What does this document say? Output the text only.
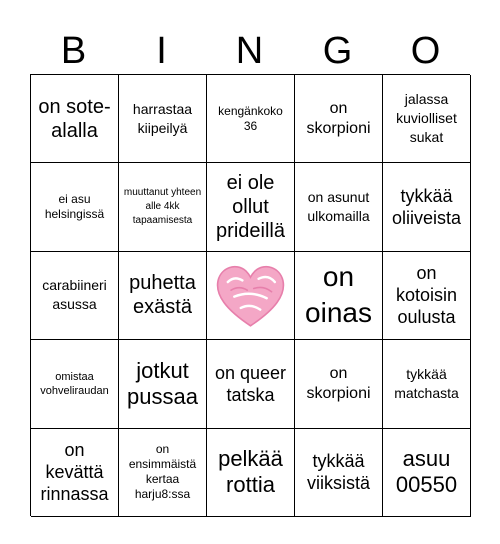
B	I	N	G	O
on sote-alalla
harrastaa kiipeilyä
kengänkoko 36
on skorpioni
jalassa kuviolliset sukat
ei asu helsingissä
muuttanut yhteen alle 4kk tapaamisesta
ei ole ollut prideillä
on asunut ulkomailla
tykkää oliiveista
carabiineri asussa
puhetta exästä
on oinas
on kotoisin oulusta
omistaa vohveliraudan
jotkut pussaa
on queer tatska
on skorpioni
tykkää matchasta
on kevättä rinnassa
on ensimmäistä kertaa harju8:ssa
pelkää rottia
tykkää viiksistä
asuu 00550
